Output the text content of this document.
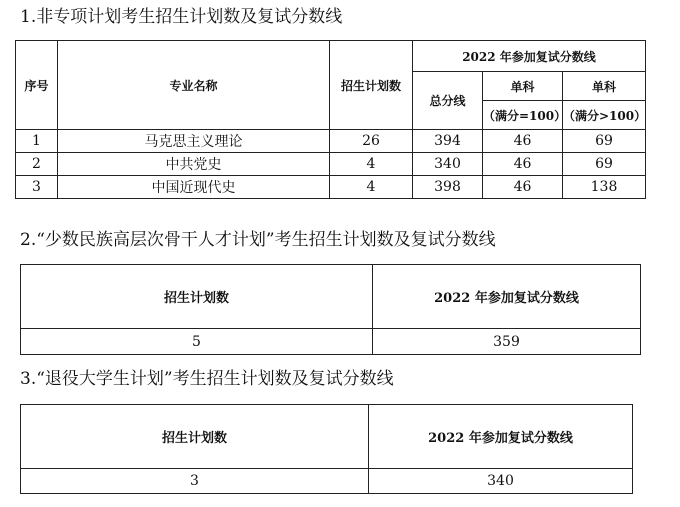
1.非专项计划考生招生计划数及复试分数线
序号	专业名称	招生计划数	2022 年参加复试分数线		
			总分线	单科	单科
				（满分=100）	（满分>100）
1	马克思主义理论	26	394	46	69
2	中共党史	4	340	46	69
3	中国近现代史	4	398	46	138
2.“少数民族高层次骨干人才计划”考生招生计划数及复试分数线
招生计划数	2022 年参加复试分数线
5	359
3.“退役大学生计划”考生招生计划数及复试分数线
招生计划数	2022 年参加复试分数线
3	340
